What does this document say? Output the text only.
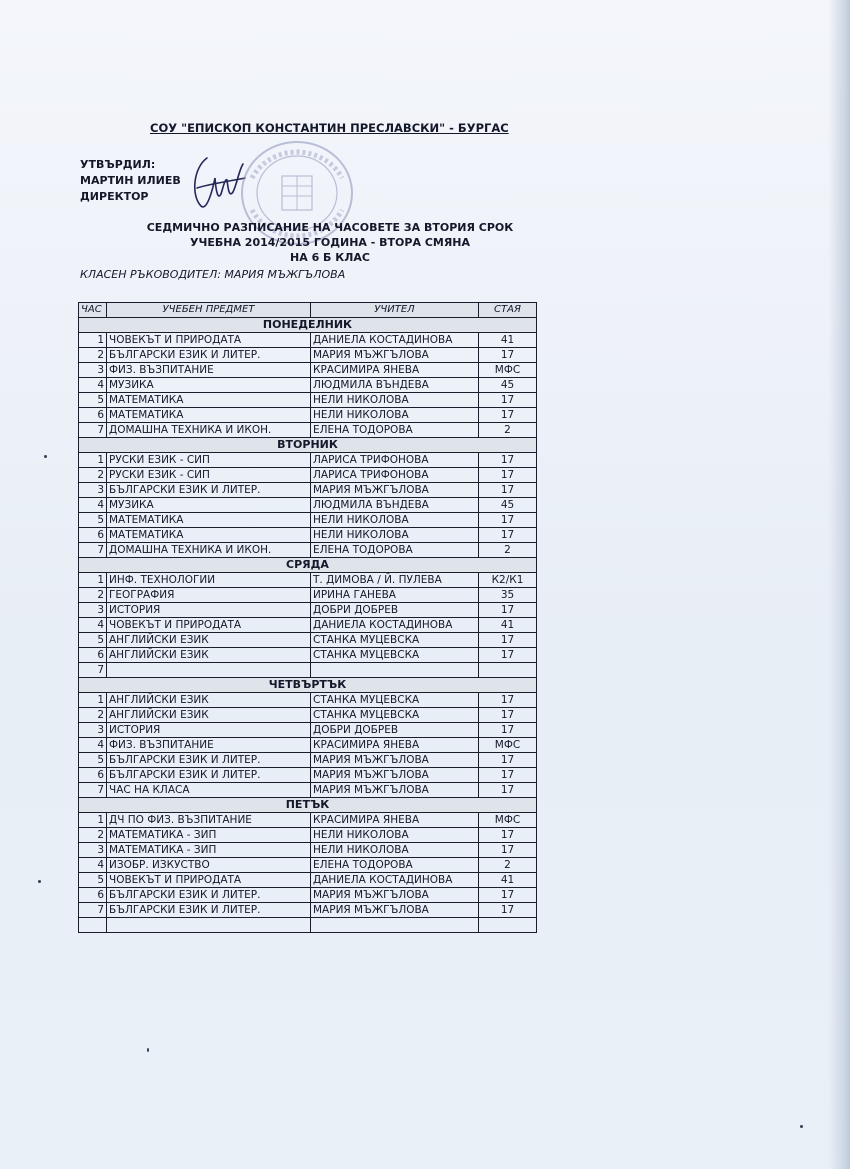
СОУ "ЕПИСКОП КОНСТАНТИН ПРЕСЛАВСКИ" - БУРГАС
УТВЪРДИЛ:
МАРТИН ИЛИЕВ
ДИРЕКТОР
СЕДМИЧНО РАЗПИСАНИЕ НА ЧАСОВЕТЕ ЗА ВТОРИЯ СРОК
УЧЕБНА 2014/2015 ГОДИНА - ВТОРА СМЯНА
НА 6 Б КЛАС
КЛАСЕН РЪКОВОДИТЕЛ: МАРИЯ МЪЖГЪЛОВА
ЧАС	УЧЕБЕН ПРЕДМЕТ	УЧИТЕЛ	СТАЯ
ПОНЕДЕЛНИК			
1	ЧОВЕКЪТ И ПРИРОДАТА	ДАНИЕЛА КОСТАДИНОВА	41
2	БЪЛГАРСКИ ЕЗИК И ЛИТЕР.	МАРИЯ МЪЖГЪЛОВА	17
3	ФИЗ. ВЪЗПИТАНИЕ	КРАСИМИРА ЯНЕВА	МФС
4	МУЗИКА	ЛЮДМИЛА ВЪНДЕВА	45
5	МАТЕМАТИКА	НЕЛИ НИКОЛОВА	17
6	МАТЕМАТИКА	НЕЛИ НИКОЛОВА	17
7	ДОМАШНА ТЕХНИКА И ИКОН.	ЕЛЕНА ТОДОРОВА	2
ВТОРНИК			
1	РУСКИ ЕЗИК - СИП	ЛАРИСА ТРИФОНОВА	17
2	РУСКИ ЕЗИК - СИП	ЛАРИСА ТРИФОНОВА	17
3	БЪЛГАРСКИ ЕЗИК И ЛИТЕР.	МАРИЯ МЪЖГЪЛОВА	17
4	МУЗИКА	ЛЮДМИЛА ВЪНДЕВА	45
5	МАТЕМАТИКА	НЕЛИ НИКОЛОВА	17
6	МАТЕМАТИКА	НЕЛИ НИКОЛОВА	17
7	ДОМАШНА ТЕХНИКА И ИКОН.	ЕЛЕНА ТОДОРОВА	2
СРЯДА			
1	ИНФ. ТЕХНОЛОГИИ	Т. ДИМОВА / Й. ПУЛЕВА	К2/К1
2	ГЕОГРАФИЯ	ИРИНА ГАНЕВА	35
3	ИСТОРИЯ	ДОБРИ ДОБРЕВ	17
4	ЧОВЕКЪТ И ПРИРОДАТА	ДАНИЕЛА КОСТАДИНОВА	41
5	АНГЛИЙСКИ ЕЗИК	СТАНКА МУЦЕВСКА	17
6	АНГЛИЙСКИ ЕЗИК	СТАНКА МУЦЕВСКА	17
7			
ЧЕТВЪРТЪК			
1	АНГЛИЙСКИ ЕЗИК	СТАНКА МУЦЕВСКА	17
2	АНГЛИЙСКИ ЕЗИК	СТАНКА МУЦЕВСКА	17
3	ИСТОРИЯ	ДОБРИ ДОБРЕВ	17
4	ФИЗ. ВЪЗПИТАНИЕ	КРАСИМИРА ЯНЕВА	МФС
5	БЪЛГАРСКИ ЕЗИК И ЛИТЕР.	МАРИЯ МЪЖГЪЛОВА	17
6	БЪЛГАРСКИ ЕЗИК И ЛИТЕР.	МАРИЯ МЪЖГЪЛОВА	17
7	ЧАС НА КЛАСА	МАРИЯ МЪЖГЪЛОВА	17
ПЕТЪК			
1	ДЧ ПО ФИЗ. ВЪЗПИТАНИЕ	КРАСИМИРА ЯНЕВА	МФС
2	МАТЕМАТИКА - ЗИП	НЕЛИ НИКОЛОВА	17
3	МАТЕМАТИКА - ЗИП	НЕЛИ НИКОЛОВА	17
4	ИЗОБР. ИЗКУСТВО	ЕЛЕНА ТОДОРОВА	2
5	ЧОВЕКЪТ И ПРИРОДАТА	ДАНИЕЛА КОСТАДИНОВА	41
6	БЪЛГАРСКИ ЕЗИК И ЛИТЕР.	МАРИЯ МЪЖГЪЛОВА	17
7	БЪЛГАРСКИ ЕЗИК И ЛИТЕР.	МАРИЯ МЪЖГЪЛОВА	17
